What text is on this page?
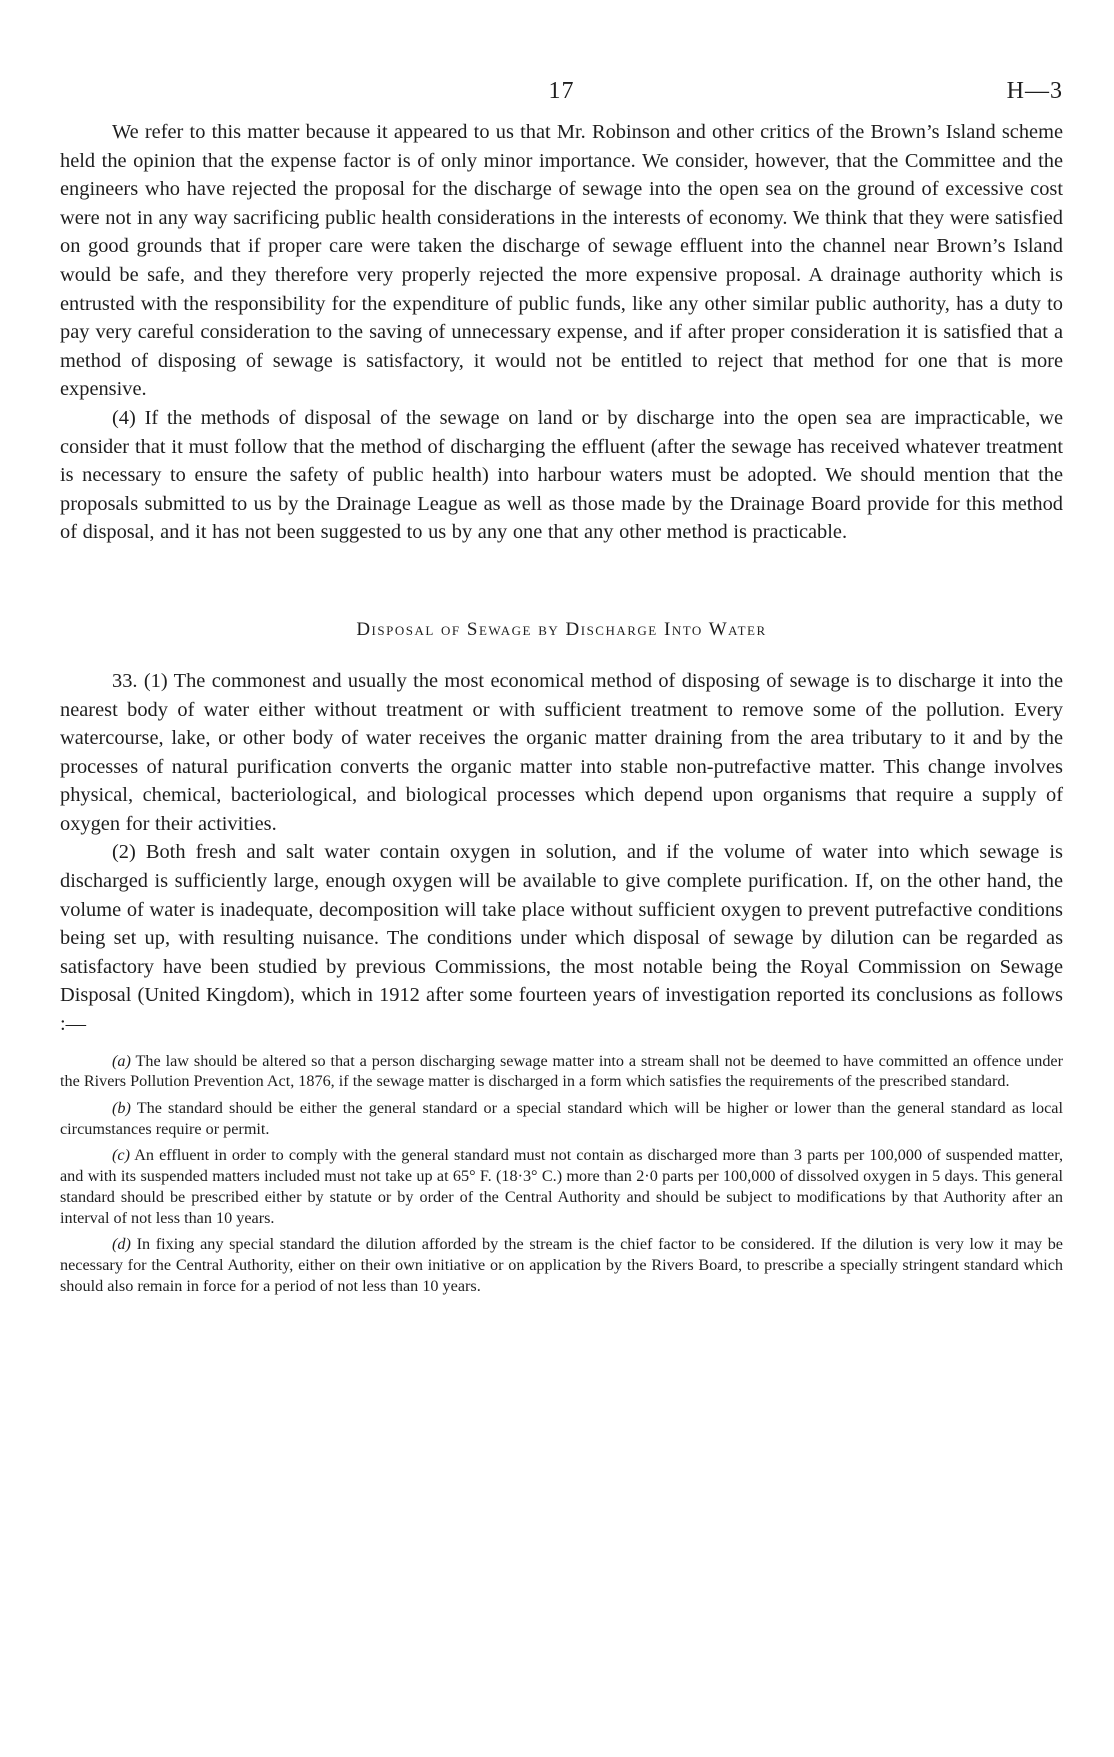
17	H—3

We refer to this matter because it appeared to us that Mr. Robinson and other critics of the Brown’s Island scheme held the opinion that the expense factor is of only minor importance. We consider, however, that the Committee and the engineers who have rejected the proposal for the discharge of sewage into the open sea on the ground of excessive cost were not in any way sacrificing public health considerations in the interests of economy. We think that they were satisfied on good grounds that if proper care were taken the discharge of sewage effluent into the channel near Brown’s Island would be safe, and they therefore very properly rejected the more expensive proposal. A drainage authority which is entrusted with the responsibility for the expenditure of public funds, like any other similar public authority, has a duty to pay very careful consideration to the saving of unnecessary expense, and if after proper consideration it is satisfied that a method of disposing of sewage is satisfactory, it would not be entitled to reject that method for one that is more expensive.

(4) If the methods of disposal of the sewage on land or by discharge into the open sea are impracticable, we consider that it must follow that the method of discharging the effluent (after the sewage has received whatever treatment is necessary to ensure the safety of public health) into harbour waters must be adopted. We should mention that the proposals submitted to us by the Drainage League as well as those made by the Drainage Board provide for this method of disposal, and it has not been suggested to us by any one that any other method is practicable.

Disposal of Sewage by Discharge Into Water

33. (1) The commonest and usually the most economical method of disposing of sewage is to discharge it into the nearest body of water either without treatment or with sufficient treatment to remove some of the pollution. Every watercourse, lake, or other body of water receives the organic matter draining from the area tributary to it and by the processes of natural purification converts the organic matter into stable non-putrefactive matter. This change involves physical, chemical, bacteriological, and biological processes which depend upon organisms that require a supply of oxygen for their activities.

(2) Both fresh and salt water contain oxygen in solution, and if the volume of water into which sewage is discharged is sufficiently large, enough oxygen will be available to give complete purification. If, on the other hand, the volume of water is inadequate, decomposition will take place without sufficient oxygen to prevent putrefactive conditions being set up, with resulting nuisance. The conditions under which disposal of sewage by dilution can be regarded as satisfactory have been studied by previous Commissions, the most notable being the Royal Commission on Sewage Disposal (United Kingdom), which in 1912 after some fourteen years of investigation reported its conclusions as follows :—

(a) The law should be altered so that a person discharging sewage matter into a stream shall not be deemed to have committed an offence under the Rivers Pollution Prevention Act, 1876, if the sewage matter is discharged in a form which satisfies the requirements of the prescribed standard.

(b) The standard should be either the general standard or a special standard which will be higher or lower than the general standard as local circumstances require or permit.

(c) An effluent in order to comply with the general standard must not contain as discharged more than 3 parts per 100,000 of suspended matter, and with its suspended matters included must not take up at 65° F. (18·3° C.) more than 2·0 parts per 100,000 of dissolved oxygen in 5 days. This general standard should be prescribed either by statute or by order of the Central Authority and should be subject to modifications by that Authority after an interval of not less than 10 years.

(d) In fixing any special standard the dilution afforded by the stream is the chief factor to be considered. If the dilution is very low it may be necessary for the Central Authority, either on their own initiative or on application by the Rivers Board, to prescribe a specially stringent standard which should also remain in force for a period of not less than 10 years.
